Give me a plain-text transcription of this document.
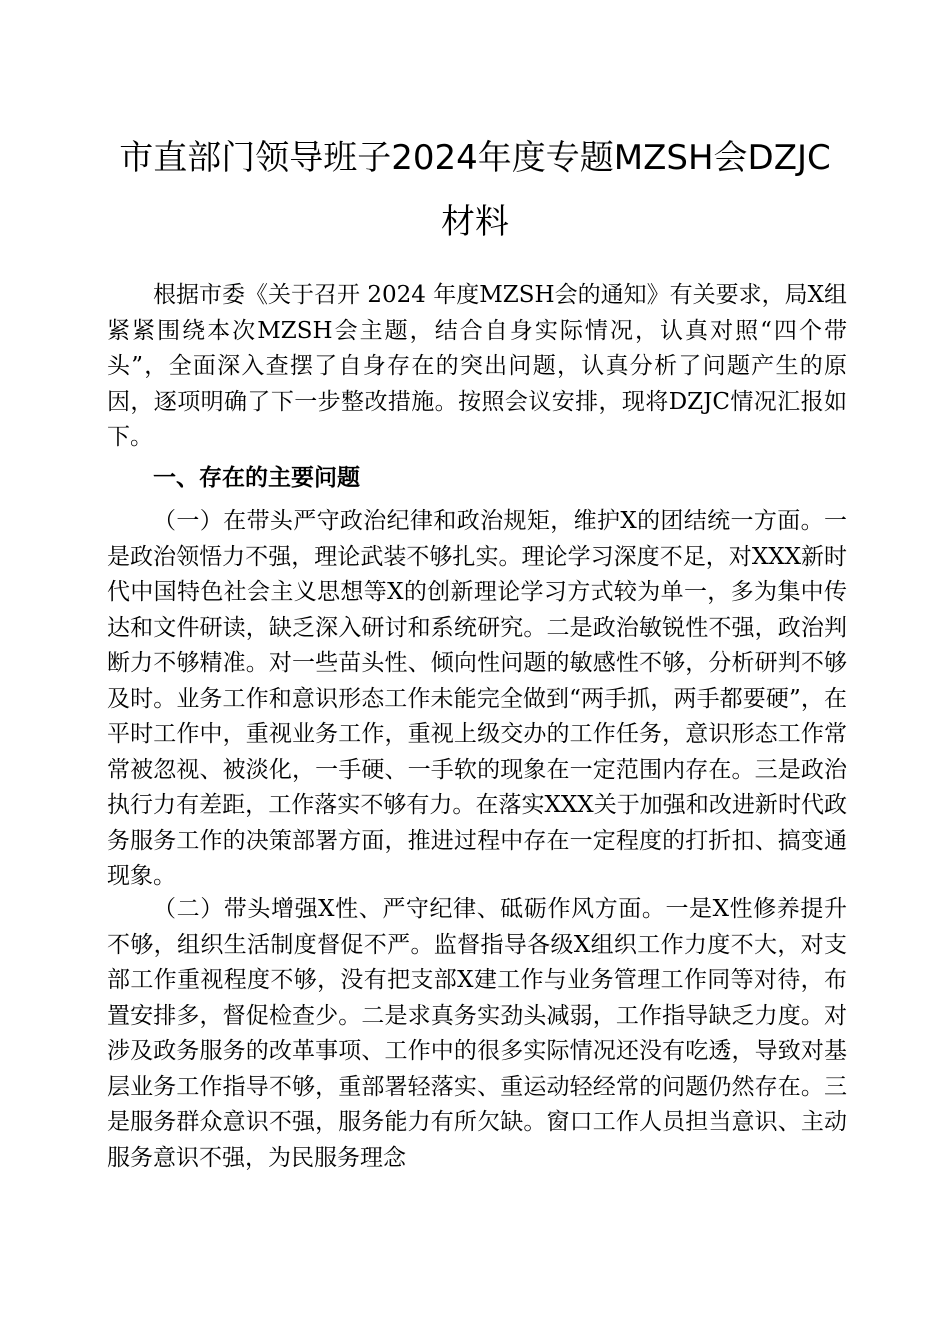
市直部门领导班子2024年度专题MZSH会DZJC
材料

根据市委《关于召开 2024 年度MZSH会的通知》有关要求，局X组紧紧围绕本次MZSH会主题，结合自身实际情况，认真对照“四个带头”，全面深入查摆了自身存在的突出问题，认真分析了问题产生的原因，逐项明确了下一步整改措施。按照会议安排，现将DZJC情况汇报如下。

一、存在的主要问题

（一）在带头严守政治纪律和政治规矩，维护X的团结统一方面。一是政治领悟力不强，理论武装不够扎实。理论学习深度不足，对XXX新时代中国特色社会主义思想等X的创新理论学习方式较为单一，多为集中传达和文件研读，缺乏深入研讨和系统研究。二是政治敏锐性不强，政治判断力不够精准。对一些苗头性、倾向性问题的敏感性不够，分析研判不够及时。业务工作和意识形态工作未能完全做到“两手抓，两手都要硬”，在平时工作中，重视业务工作，重视上级交办的工作任务，意识形态工作常常被忽视、被淡化，一手硬、一手软的现象在一定范围内存在。三是政治执行力有差距，工作落实不够有力。在落实XXX关于加强和改进新时代政务服务工作的决策部署方面，推进过程中存在一定程度的打折扣、搞变通现象。

（二）带头增强X性、严守纪律、砥砺作风方面。一是X性修养提升不够，组织生活制度督促不严。监督指导各级X组织工作力度不大，对支部工作重视程度不够，没有把支部X建工作与业务管理工作同等对待，布置安排多，督促检查少。二是求真务实劲头减弱，工作指导缺乏力度。对涉及政务服务的改革事项、工作中的很多实际情况还没有吃透，导致对基层业务工作指导不够，重部署轻落实、重运动轻经常的问题仍然存在。三是服务群众意识不强，服务能力有所欠缺。窗口工作人员担当意识、主动服务意识不强，为民服务理念
